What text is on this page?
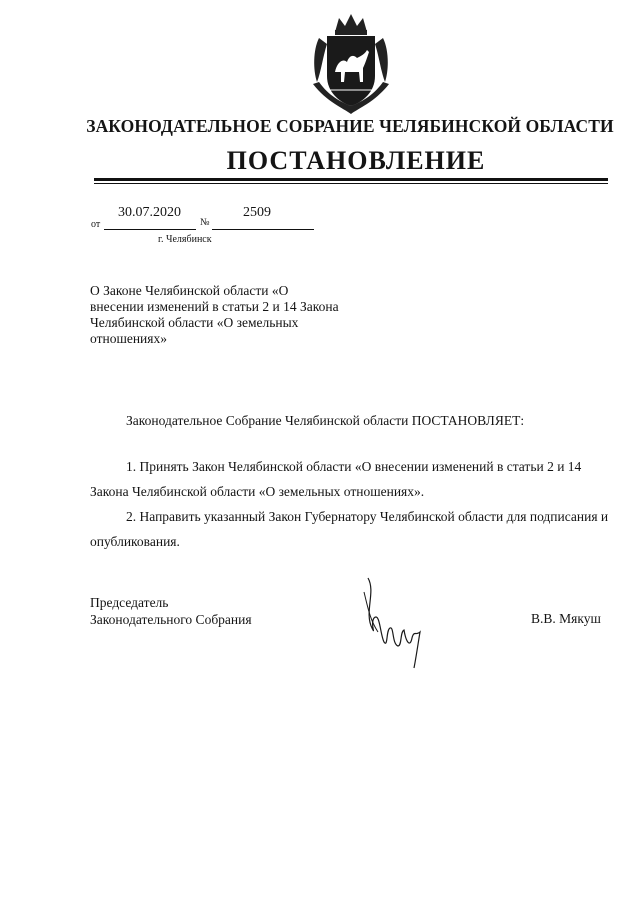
ЗАКОНОДАТЕЛЬНОЕ СОБРАНИЕ ЧЕЛЯБИНСКОЙ ОБЛАСТИ
ПОСТАНОВЛЕНИЕ
от
30.07.2020
№
2509
г. Челябинск
О Законе Челябинской области «О внесении изменений в статьи 2 и 14 Закона Челябинской области «О земельных отношениях»
Законодательное Собрание Челябинской области ПОСТАНОВЛЯЕТ:
1. Принять Закон Челябинской области «О внесении изменений в статьи 2 и 14 Закона Челябинской области «О земельных отношениях».
2. Направить указанный Закон Губернатору Челябинской области для подписания и опубликования.
Председатель
Законодательного Собрания	В.В. Мякуш
